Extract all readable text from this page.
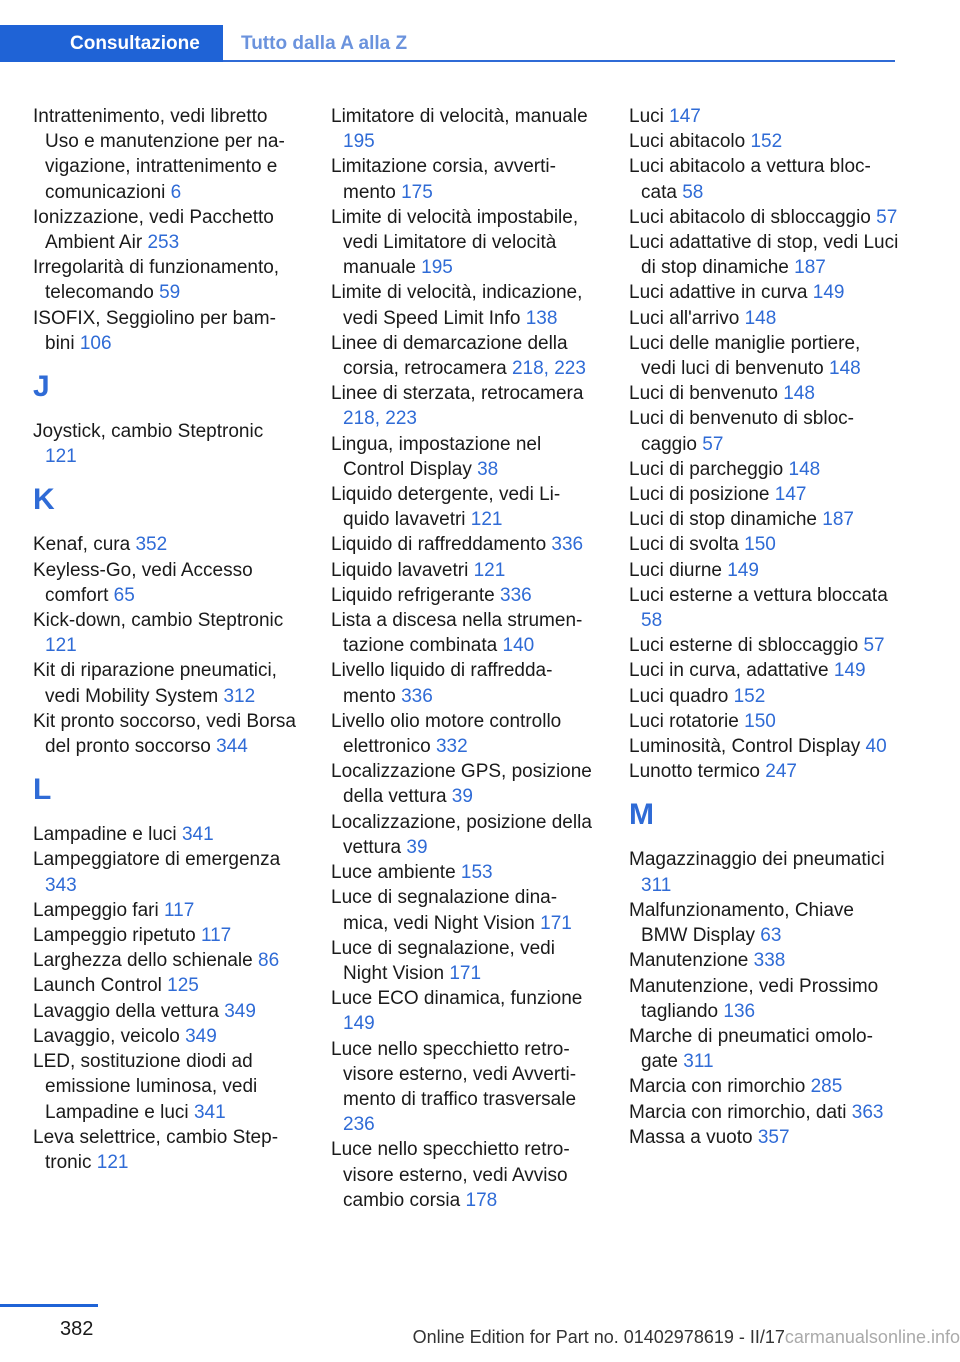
Consultazione	Tutto dalla A alla Z
Intrattenimento, vedi libretto Uso e manutenzione per navigazione, intrattenimento e comunicazioni 6
Ionizzazione, vedi Pacchetto Ambient Air 253
Irregolarità di funzionamento, telecomando 59
ISOFIX, Seggiolino per bambini 106
J
Joystick, cambio Steptronic 121
K
Kenaf, cura 352
Keyless-Go, vedi Accesso comfort 65
Kick-down, cambio Steptronic 121
Kit di riparazione pneumatici, vedi Mobility System 312
Kit pronto soccorso, vedi Borsa del pronto soccorso 344
L
Lampadine e luci 341
Lampeggiatore di emergenza 343
Lampeggio fari 117
Lampeggio ripetuto 117
Larghezza dello schienale 86
Launch Control 125
Lavaggio della vettura 349
Lavaggio, veicolo 349
LED, sostituzione diodi ad emissione luminosa, vedi Lampadine e luci 341
Leva selettrice, cambio Steptronic 121
Limitatore di velocità, manuale 195
Limitazione corsia, avvertimento 175
Limite di velocità impostabile, vedi Limitatore di velocità manuale 195
Limite di velocità, indicazione, vedi Speed Limit Info 138
Linee di demarcazione della corsia, retrocamera 218, 223
Linee di sterzata, retrocamera 218, 223
Lingua, impostazione nel Control Display 38
Liquido detergente, vedi Liquido lavavetri 121
Liquido di raffreddamento 336
Liquido lavavetri 121
Liquido refrigerante 336
Lista a discesa nella strumentazione combinata 140
Livello liquido di raffreddamento 336
Livello olio motore controllo elettronico 332
Localizzazione GPS, posizione della vettura 39
Localizzazione, posizione della vettura 39
Luce ambiente 153
Luce di segnalazione dinamica, vedi Night Vision 171
Luce di segnalazione, vedi Night Vision 171
Luce ECO dinamica, funzione 149
Luce nello specchietto retrovisore esterno, vedi Avvertimento di traffico trasversale 236
Luce nello specchietto retrovisore esterno, vedi Avviso cambio corsia 178
Luci 147
Luci abitacolo 152
Luci abitacolo a vettura bloccata 58
Luci abitacolo di sbloccaggio 57
Luci adattative di stop, vedi Luci di stop dinamiche 187
Luci adattive in curva 149
Luci all'arrivo 148
Luci delle maniglie portiere, vedi luci di benvenuto 148
Luci di benvenuto 148
Luci di benvenuto di sbloccaggio 57
Luci di parcheggio 148
Luci di posizione 147
Luci di stop dinamiche 187
Luci di svolta 150
Luci diurne 149
Luci esterne a vettura bloccata 58
Luci esterne di sbloccaggio 57
Luci in curva, adattative 149
Luci quadro 152
Luci rotatorie 150
Luminosità, Control Display 40
Lunotto termico 247
M
Magazzinaggio dei pneumatici 311
Malfunzionamento, Chiave BMW Display 63
Manutenzione 338
Manutenzione, vedi Prossimo tagliando 136
Marche di pneumatici omologate 311
Marcia con rimorchio 285
Marcia con rimorchio, dati 363
Massa a vuoto 357
382	Online Edition for Part no. 01402978619 - II/17carmanualsonline.info
